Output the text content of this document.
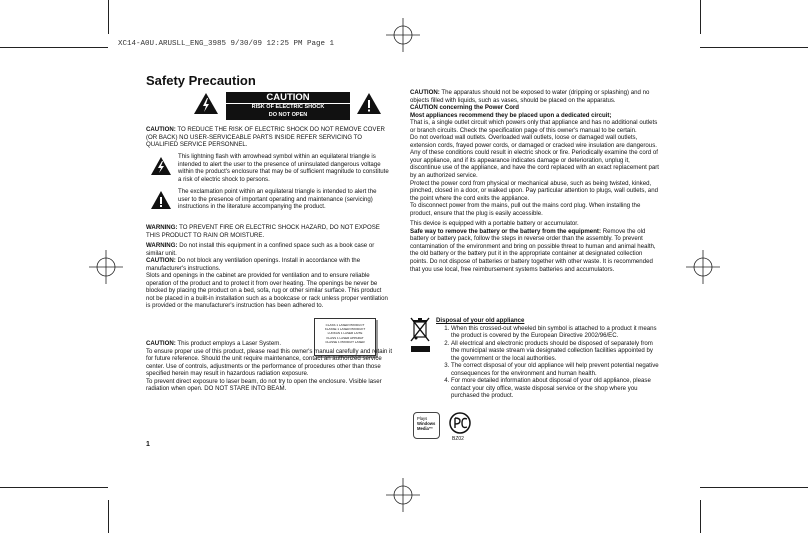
XC14-A0U.ARUSLL_ENG_3985 9/30/09 12:25 PM Page 1
Safety Precaution
CAUTION
RISK OF ELECTRIC SHOCK
DO NOT OPEN

CAUTION: TO REDUCE THE RISK OF ELECTRIC SHOCK DO NOT REMOVE COVER (OR BACK) NO USER-SERVICEABLE PARTS INSIDE REFER SERVICING TO QUALIFIED SERVICE PERSONNEL.

This lightning flash with arrowhead symbol within an equilateral triangle is intended to alert the user to the presence of uninsulated dangerous voltage within the product's enclosure that may be of sufficient magnitude to constitute a risk of electric shock to persons.
The exclamation point within an equilateral triangle is intended to alert the user to the presence of important operating and maintenance (servicing) instructions in the literature accompanying the product.

WARNING: TO PREVENT FIRE OR ELECTRIC SHOCK HAZARD, DO NOT EXPOSE THIS PRODUCT TO RAIN OR MOISTURE.

WARNING: Do not install this equipment in a confined space such as a book case or similar unit.

CAUTION: Do not block any ventilation openings. Install in accordance with the manufacturer's instructions.

Slots and openings in the cabinet are provided for ventilation and to ensure reliable operation of the product and to protect it from over heating. The openings be never be blocked by placing the product on a bed, sofa, rug or other similar surface. This product not be placed in a built-in installation such as a bookcase or rack unless proper ventilation is provided or the manufacturer's instruction has been adhered to.

CLASS 1 LASER PRODUCT
KLASSE 1 LASER PRODUKT
LUOKAN 1 LASER LAITE
KLASS 1 LASER APPARAT
CLASSE 1 PRODUIT LASER

CAUTION: This product employs a Laser System.

To ensure proper use of this product, please read this owner's manual carefully and retain it for future reference. Should the unit require maintenance, contact an authorized service center. Use of controls, adjustments or the performance of procedures other than those specified herein may result in hazardous radiation exposure.

To prevent direct exposure to laser beam, do not try to open the enclosure. Visible laser radiation when open. DO NOT STARE INTO BEAM.

1

CAUTION: The apparatus should not be exposed to water (dripping or splashing) and no objects filled with liquids, such as vases, should be placed on the apparatus.

CAUTION concerning the Power Cord

Most appliances recommend they be placed upon a dedicated circuit;

That is, a single outlet circuit which powers only that appliance and has no additional outlets or branch circuits. Check the specification page of this owner's manual to be certain.

Do not overload wall outlets. Overloaded wall outlets, loose or damaged wall outlets, extension cords, frayed power cords, or damaged or cracked wire insulation are dangerous. Any of these conditions could result in electric shock or fire. Periodically examine the cord of your appliance, and if its appearance indicates damage or deterioration, unplug it, discontinue use of the appliance, and have the cord replaced with an exact replacement part by an authorized service.

Protect the power cord from physical or mechanical abuse, such as being twisted, kinked, pinched, closed in a door, or walked upon. Pay particular attention to plugs, wall outlets, and the point where the cord exits the appliance.

To disconnect power from the mains, pull out the mains cord plug. When installing the product, ensure that the plug is easily accessible.

This device is equipped with a portable battery or accumulator.

Safe way to remove the battery or the battery from the equipment: Remove the old battery or battery pack, follow the steps in reverse order than the assembly. To prevent contamination of the environment and bring on possible threat to human and animal health, the old battery or the battery put it in the appropriate container at designated collection points. Do not dispose of batteries or battery together with other waste. It is recommended that you use local, free reimbursement systems batteries and accumulators.

Disposal of your old appliance

1. When this crossed-out wheeled bin symbol is attached to a product it means the product is covered by the European Directive 2002/96/EC.
2. All electrical and electronic products should be disposed of separately from the municipal waste stream via designated collection facilities appointed by the government or the local authorities.
3. The correct disposal of your old appliance will help prevent potential negative consequences for the environment and human health.
4. For more detailed information about disposal of your old appliance, please contact your city office, waste disposal service or the shop where you purchased the product.
Plays
Windows
Media™
BZ02
